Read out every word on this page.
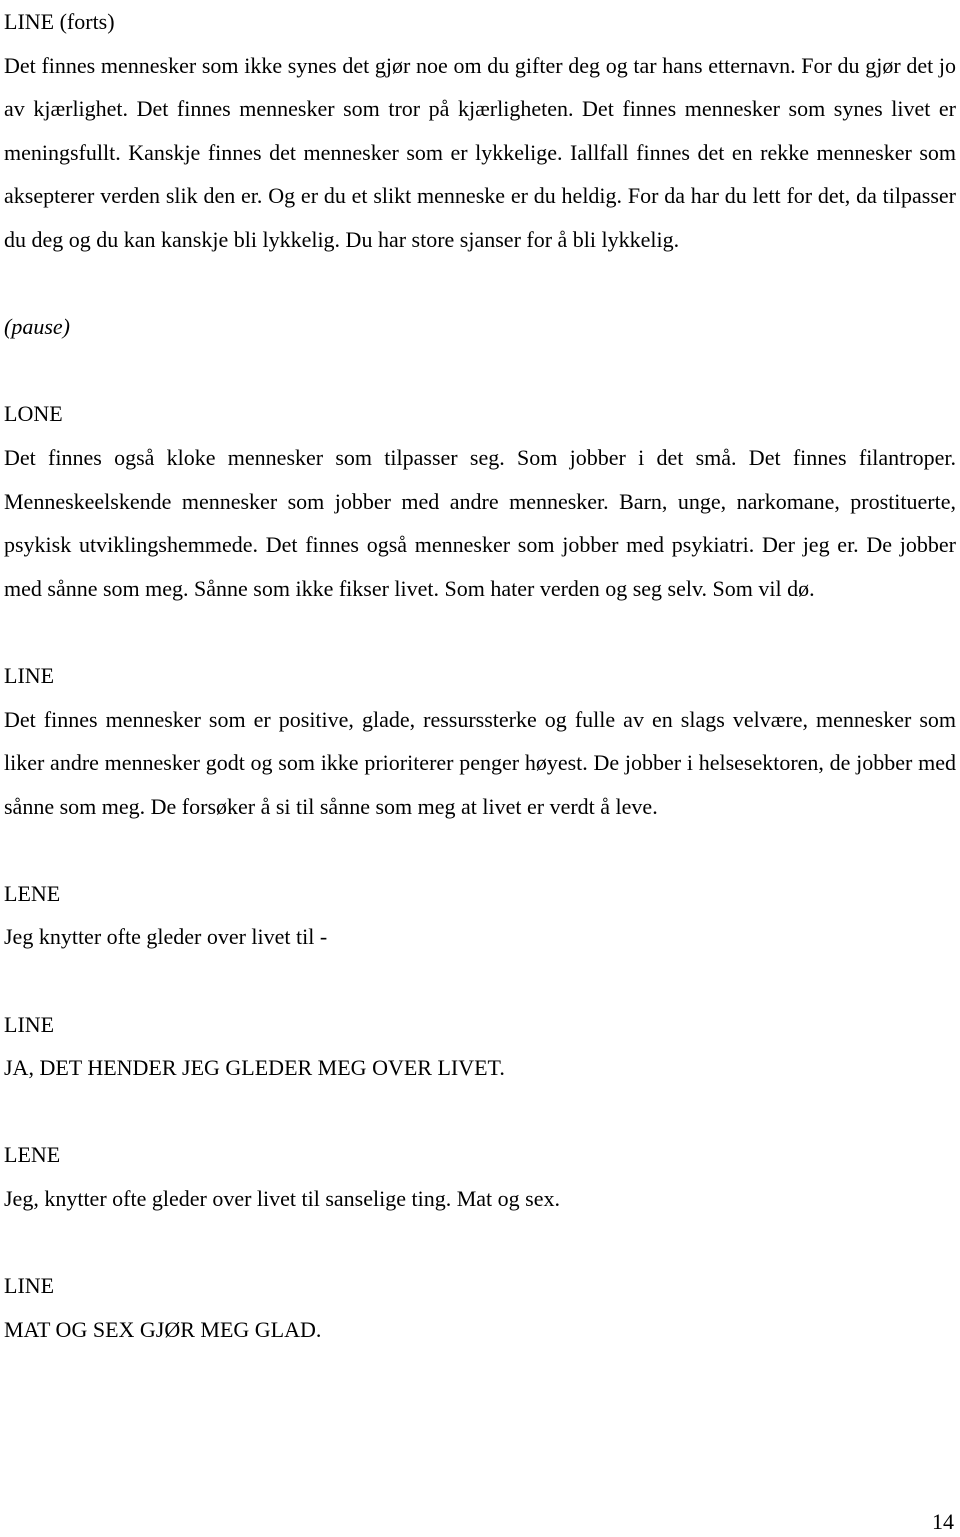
LINE (forts)
Det finnes mennesker som ikke synes det gjør noe om du gifter deg og tar hans etternavn. For du gjør det jo av kjærlighet. Det finnes mennesker som tror på kjærligheten. Det finnes mennesker som synes livet er meningsfullt. Kanskje finnes det mennesker som er lykkelige. Iallfall finnes det en rekke mennesker som aksepterer verden slik den er. Og er du et slikt menneske er du heldig. For da har du lett for det, da tilpasser du deg og du kan kanskje bli lykkelig. Du har store sjanser for å bli lykkelig.
(pause)
LONE
Det finnes også kloke mennesker som tilpasser seg. Som jobber i det små. Det finnes filantroper. Menneskeelskende mennesker som jobber med andre mennesker. Barn, unge, narkomane, prostituerte, psykisk utviklingshemmede. Det finnes også mennesker som jobber med psykiatri. Der jeg er. De jobber med sånne som meg. Sånne som ikke fikser livet. Som hater verden og seg selv. Som vil dø.
LINE
Det finnes mennesker som er positive, glade, ressurssterke og fulle av en slags velvære, mennesker som liker andre mennesker godt og som ikke prioriterer penger høyest. De jobber i helsesektoren, de jobber med sånne som meg. De forsøker å si til sånne som meg at livet er verdt å leve.
LENE
Jeg knytter ofte gleder over livet til -
LINE
JA, DET HENDER JEG GLEDER MEG OVER LIVET.
LENE
Jeg, knytter ofte gleder over livet til sanselige ting. Mat og sex.
LINE
MAT OG SEX GJØR MEG GLAD.
14
